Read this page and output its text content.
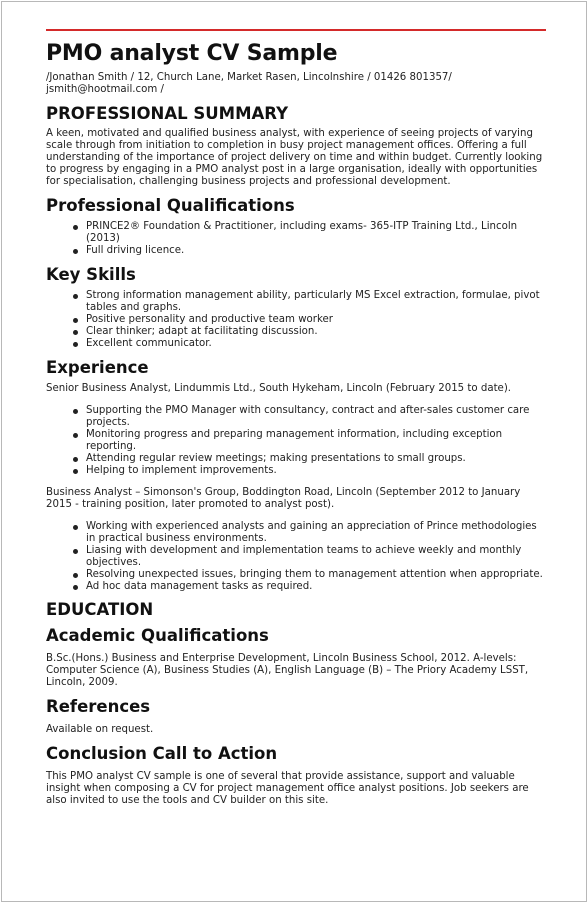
PMO analyst CV Sample
/Jonathan Smith / 12, Church Lane, Market Rasen, Lincolnshire / 01426 801357/ jsmith@hootmail.com /
PROFESSIONAL SUMMARY

A keen, motivated and qualified business analyst, with experience of seeing projects of varying scale through from initiation to completion in busy project management offices. Offering a full understanding of the importance of project delivery on time and within budget. Currently looking to progress by engaging in a PMO analyst post in a large organisation, ideally with opportunities for specialisation, challenging business projects and professional development.

Professional Qualifications
PRINCE2® Foundation & Practitioner, including exams- 365-ITP Training Ltd., Lincoln (2013)
Full driving licence.
Key Skills
Strong information management ability, particularly MS Excel extraction, formulae, pivot tables and graphs.
Positive personality and productive team worker
Clear thinker; adapt at facilitating discussion.
Excellent communicator.
Experience

Senior Business Analyst, Lindummis Ltd., South Hykeham, Lincoln (February 2015 to date).

Supporting the PMO Manager with consultancy, contract and after-sales customer care projects.
Monitoring progress and preparing management information, including exception reporting.
Attending regular review meetings; making presentations to small groups.
Helping to implement improvements.

Business Analyst – Simonson's Group, Boddington Road, Lincoln (September 2012 to January 2015 - training position, later promoted to analyst post).

Working with experienced analysts and gaining an appreciation of Prince methodologies in practical business environments.
Liasing with development and implementation teams to achieve weekly and monthly objectives.
Resolving unexpected issues, bringing them to management attention when appropriate.
Ad hoc data management tasks as required.
EDUCATION
Academic Qualifications

B.Sc.(Hons.) Business and Enterprise Development, Lincoln Business School, 2012. A-levels: Computer Science (A), Business Studies (A), English Language (B) – The Priory Academy LSST, Lincoln, 2009.

References

Available on request.

Conclusion Call to Action

This PMO analyst CV sample is one of several that provide assistance, support and valuable insight when composing a CV for project management office analyst positions. Job seekers are also invited to use the tools and CV builder on this site.
